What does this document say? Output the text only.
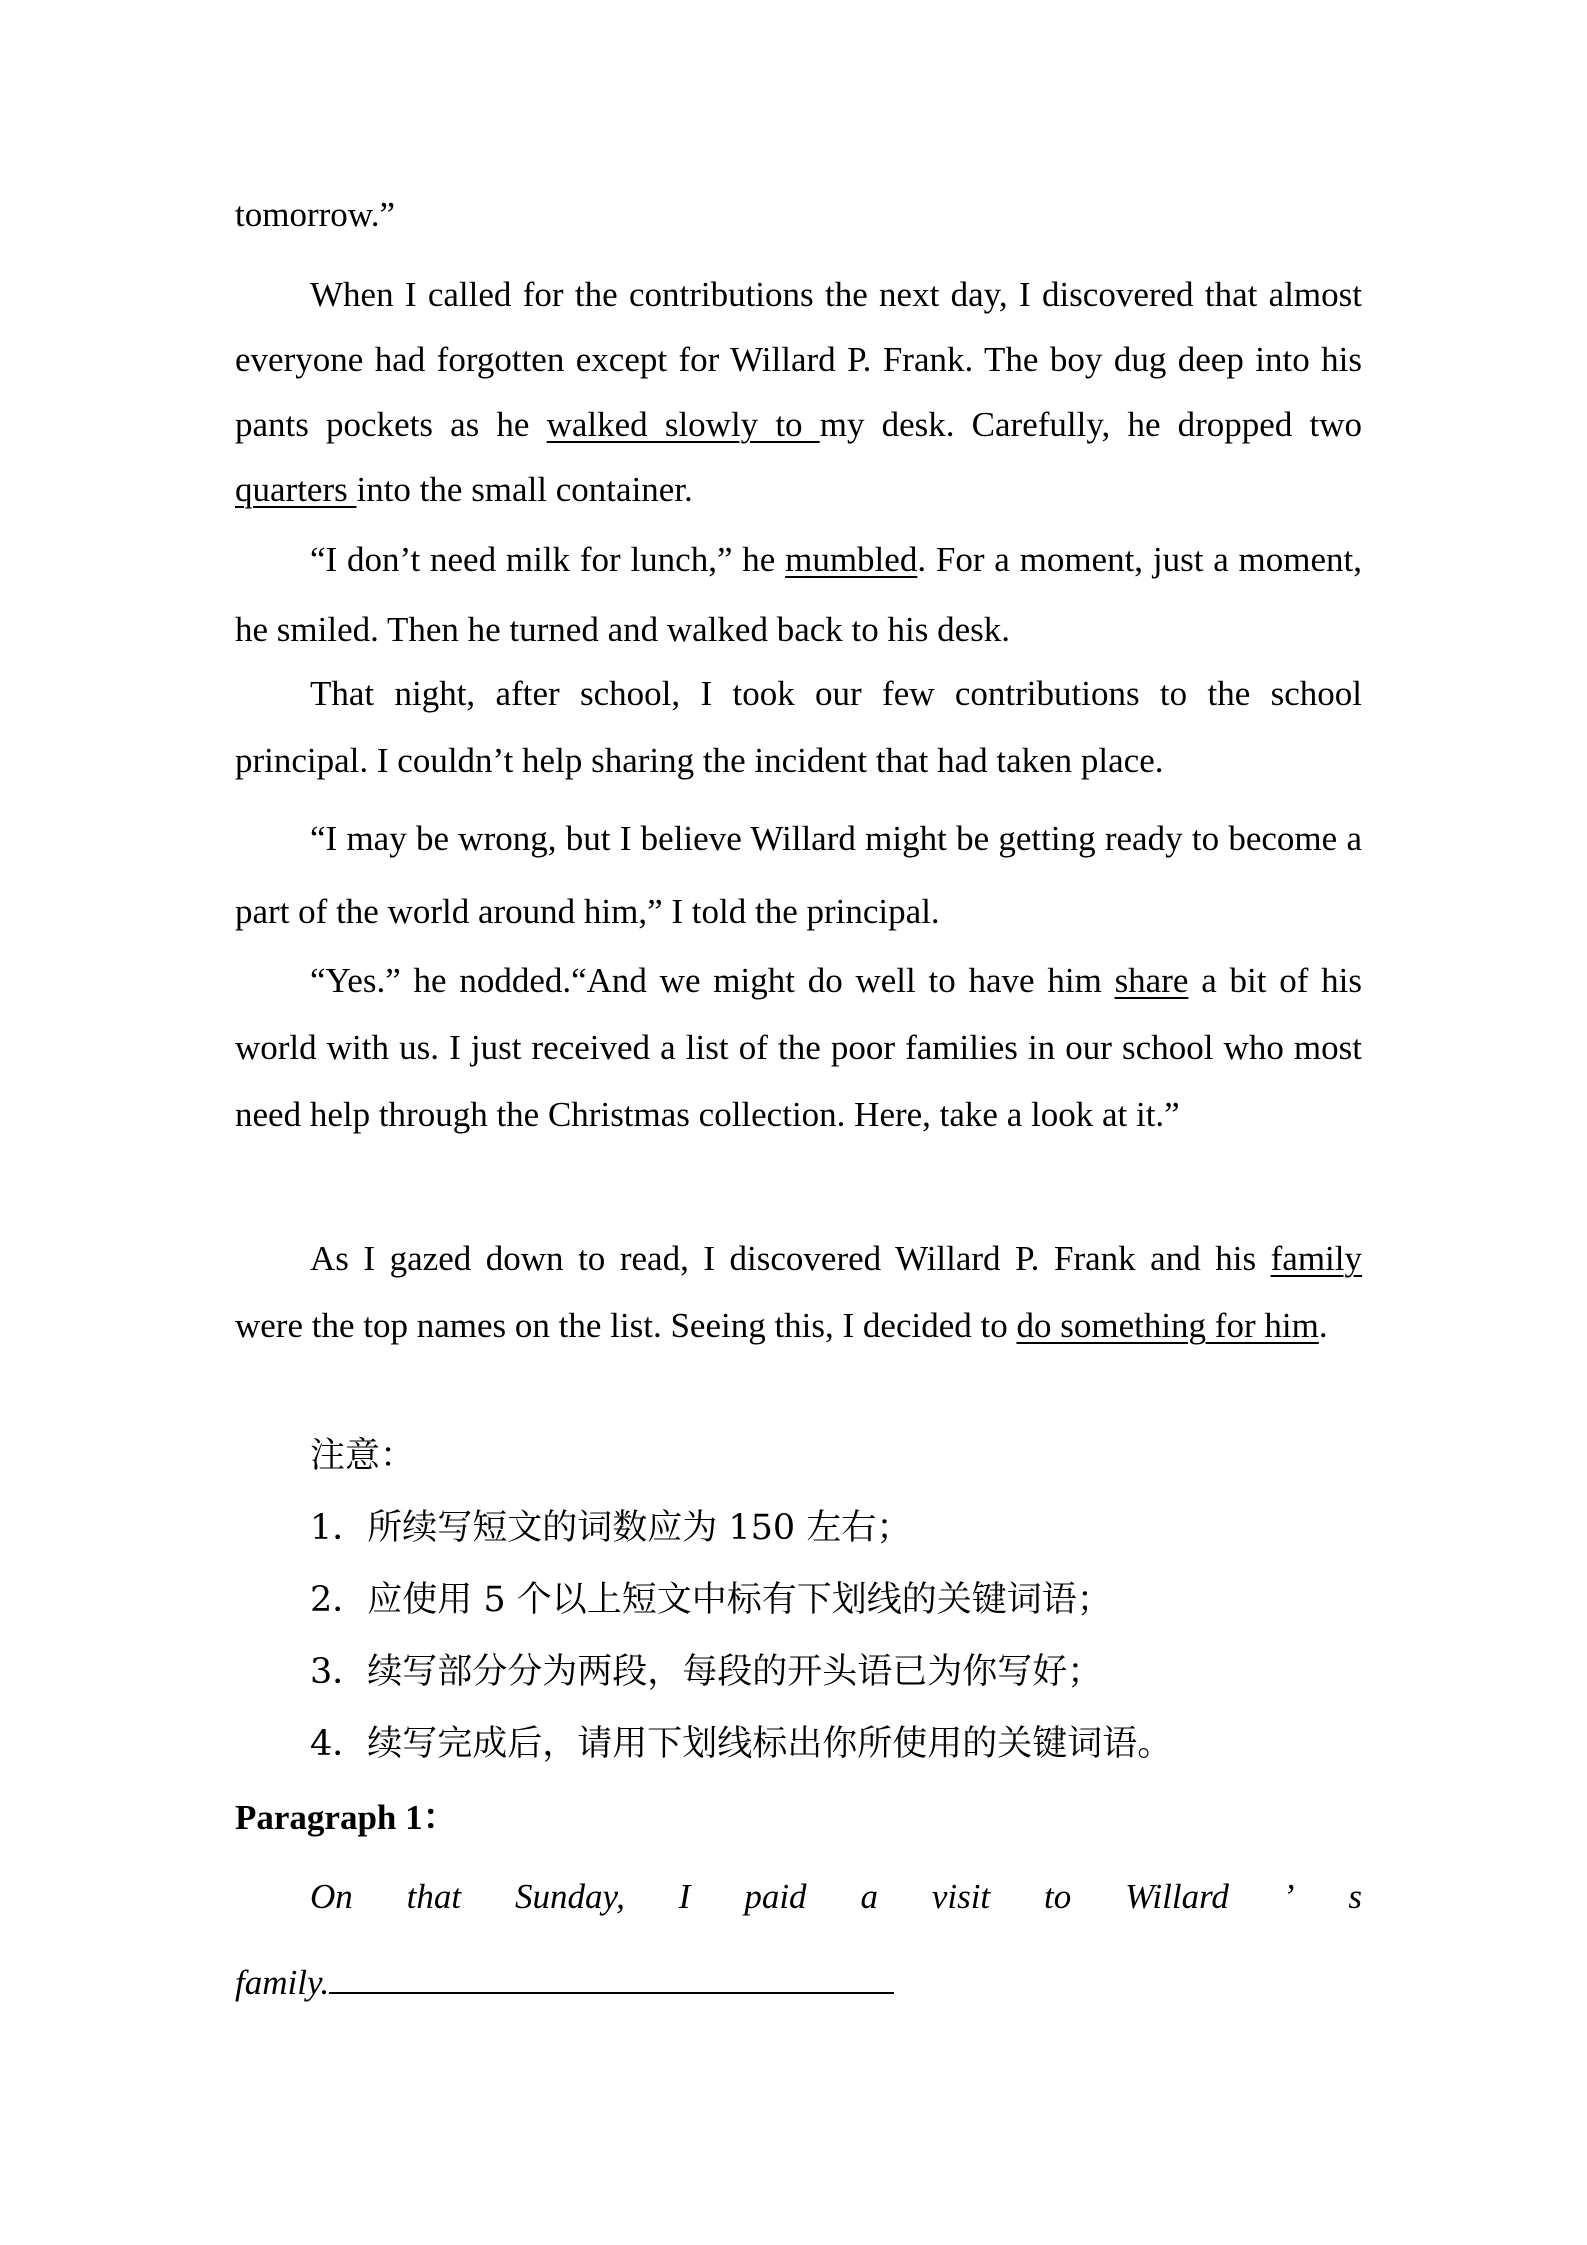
tomorrow.”
When I called for the contributions the next day, I discovered that almost everyone had forgotten except for Willard P. Frank. The boy dug deep into his pants pockets as he walked slowly to my desk. Carefully, he dropped two quarters into the small container.
“I don’t need milk for lunch,” he mumbled. For a moment, just a moment, he smiled. Then he turned and walked back to his desk.
That night, after school, I took our few contributions to the school principal. I couldn’t help sharing the incident that had taken place.
“I may be wrong, but I believe Willard might be getting ready to become a part of the world around him,” I told the principal.
“Yes.” he nodded.“And we might do well to have him share a bit of his world with us. I just received a list of the poor families in our school who most need help through the Christmas collection. Here, take a look at it.”
As I gazed down to read, I discovered Willard P. Frank and his family were the top names on the list. Seeing this, I decided to do something for him.
注意：
1．所续写短文的词数应为 150 左右；
2．应使用 5 个以上短文中标有下划线的关键词语；
3．续写部分分为两段，每段的开头语已为你写好；
4．续写完成后，请用下划线标出你所使用的关键词语。
Paragraph 1：
On that Sunday, I paid a visit to Willard ’ s
family.
